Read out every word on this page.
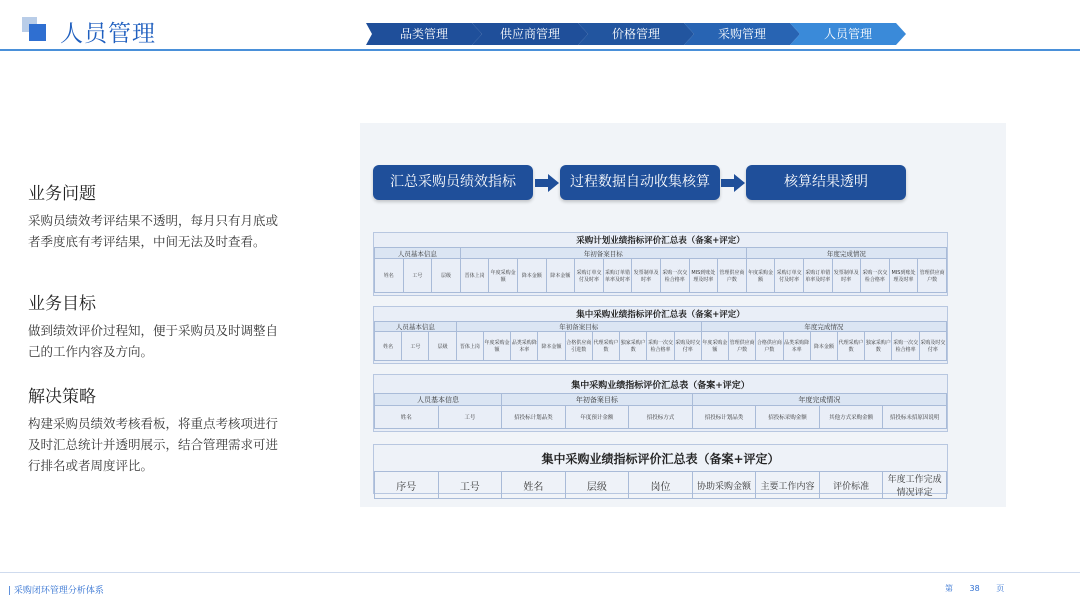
人员管理	品类管理	供应商管理	价格管理	采购管理	人员管理
业务问题

采购员绩效考评结果不透明，每月只有月底或者季度底有考评结果，中间无法及时查看。

业务目标

做到绩效评价过程知，便于采购员及时调整自己的工作内容及方向。

解决策略

构建采购员绩效考核看板，将重点考核项进行及时汇总统计并透明展示，结合管理需求可进行排名或者周度评比。

汇总采购员绩效指标	过程数据自动收集核算	核算结果透明
采购计划业绩指标评价汇总表（备案+评定）																			
人员基本信息			年初备案目标										年度完成情况						
姓名	工号	层级	晋体上岗	年度采购金额	降本金额	降本金额	采购订单交付及时率	采购订单错单率及时率	发票制单及时率	采购一次交检合格率	MIS到账处理及时率	管理供应商户数	年度采购金额	采购订单交付及时率	采购订单错单率及时率	发票制单及时率	采购一次交检合格率	MIS到账处理及时率	管理供应商户数
集中采购业绩指标评价汇总表（备案+评定）																				
人员基本信息			年初备案目标									年度完成情况								
姓名	工号	层级	晋体上岗	年度采购金额	品类采购降本率	降本金额	合格供应商引进数	代理采购户数	独家采购户数	采购一次交检合格率	采购及时交付率	年度采购金额	管理供应商户数	合格供应商户数	品类采购降本率	降本金额	代理采购户数	独家采购户数	采购一次交检合格率	采购及时交付率
集中采购业绩指标评价汇总表（备案+评定）								
人员基本信息		年初备案目标			年度完成情况			
姓名	工号	招投标计划品类	年度预计金额	招投标方式	招投标计划品类	招投标采购金额	其他方式采购金额	招投标未招原因说明
集中采购业绩指标评价汇总表（备案+评定）
序号	工号	姓名	层级	岗位	协助采购金额	主要工作内容	评价标准	年度工作完成情况评定
| 采购闭环管理分析体系	第 38 页
